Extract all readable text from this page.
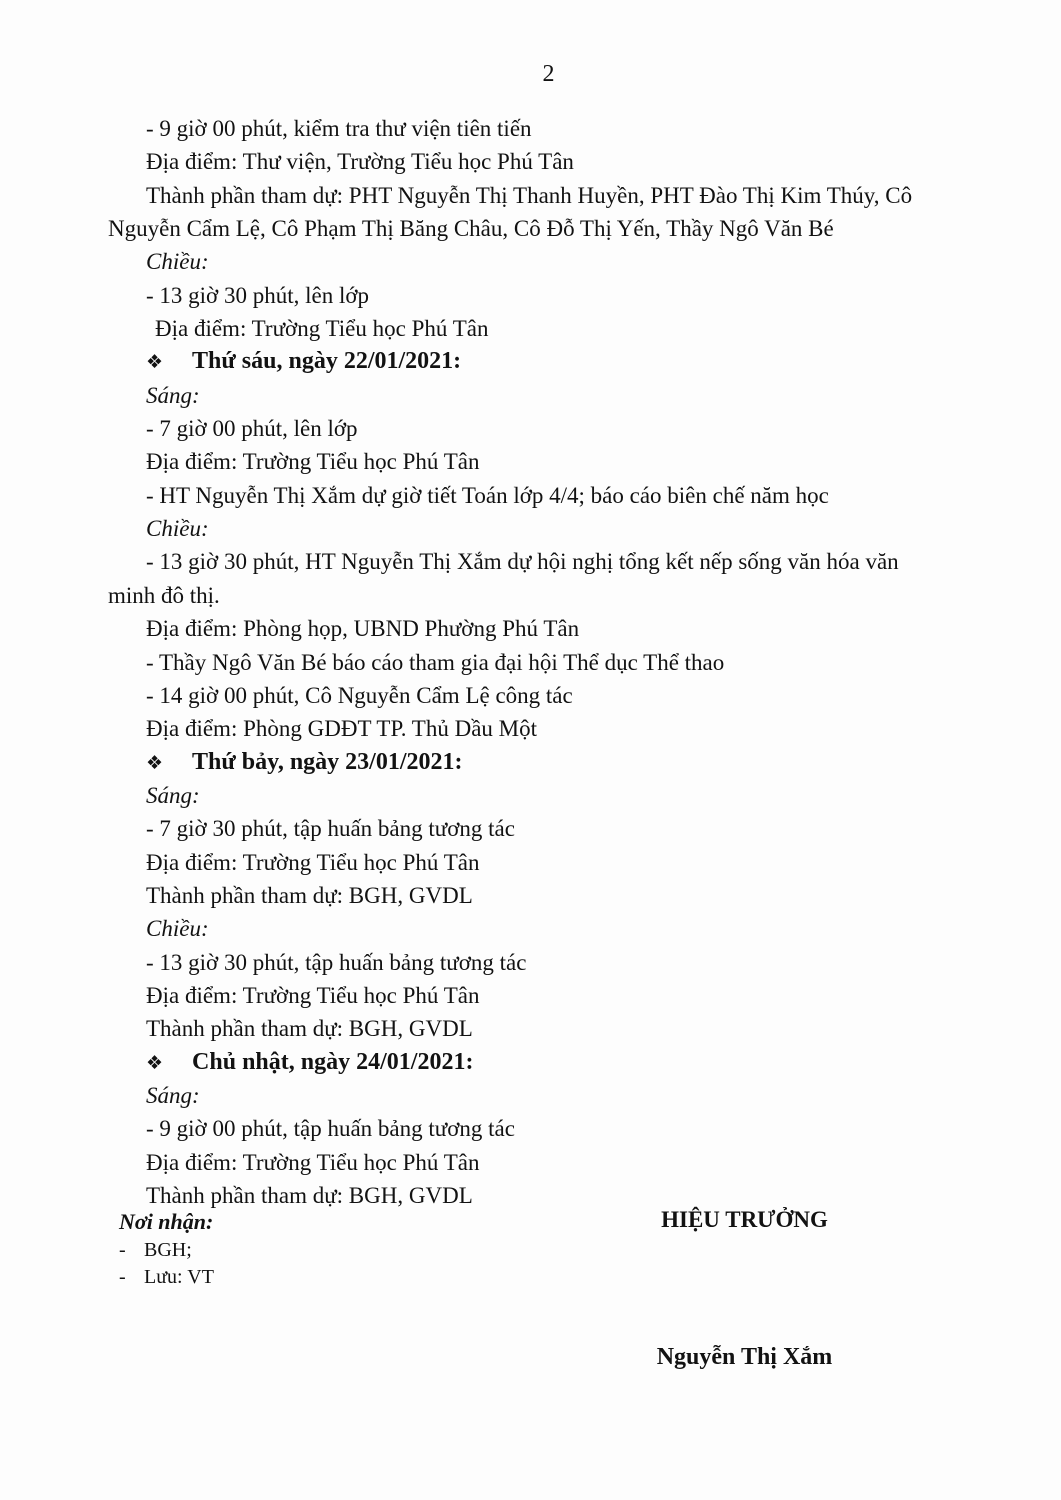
2
- 9 giờ 00 phút, kiểm tra thư viện tiên tiến
Địa điểm: Thư viện, Trường Tiểu học Phú Tân
Thành phần tham dự: PHT Nguyễn Thị Thanh Huyền, PHT Đào Thị Kim Thúy, Cô
Nguyễn Cẩm Lệ, Cô Phạm Thị Băng Châu, Cô Đỗ Thị Yến, Thầy Ngô Văn Bé
Chiều:
- 13 giờ 30 phút, lên lớp
Địa điểm: Trường Tiểu học Phú Tân
❖ Thứ sáu, ngày 22/01/2021:
Sáng:
- 7 giờ 00 phút, lên lớp
Địa điểm: Trường Tiểu học Phú Tân
- HT Nguyễn Thị Xắm dự giờ tiết Toán lớp 4/4; báo cáo biên chế năm học
Chiều:
- 13 giờ 30 phút, HT Nguyễn Thị Xắm dự hội nghị tổng kết nếp sống văn hóa văn
minh đô thị.
Địa điểm: Phòng họp, UBND Phường Phú Tân
- Thầy Ngô Văn Bé báo cáo tham gia đại hội Thể dục Thể thao
- 14 giờ 00 phút, Cô Nguyễn Cẩm Lệ công tác
Địa điểm: Phòng GDĐT TP. Thủ Dầu Một
❖ Thứ bảy, ngày 23/01/2021:
Sáng:
- 7 giờ 30 phút, tập huấn bảng tương tác
Địa điểm: Trường Tiểu học Phú Tân
Thành phần tham dự: BGH, GVDL
Chiều:
- 13 giờ 30 phút, tập huấn bảng tương tác
Địa điểm: Trường Tiểu học Phú Tân
Thành phần tham dự: BGH, GVDL
❖ Chủ nhật, ngày 24/01/2021:
Sáng:
- 9 giờ 00 phút, tập huấn bảng tương tác
Địa điểm: Trường Tiểu học Phú Tân
Thành phần tham dự: BGH, GVDL
Nơi nhận:
- BGH;
- Lưu: VT
HIỆU TRƯỞNG
Nguyễn Thị Xắm
